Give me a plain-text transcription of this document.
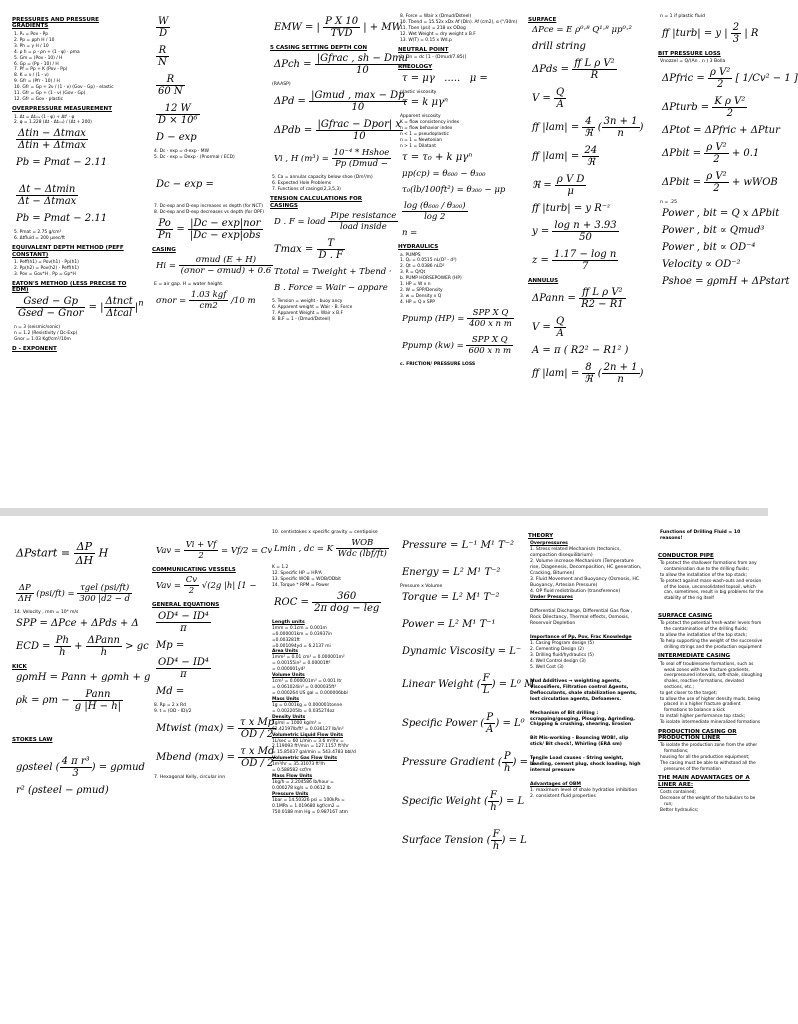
PRESSURES AND PRESSURE GRADIENTS
1. Pₐ = Pov - Pp
2. Pp = ρph H / 10
3. Ph = γ H / 10
4. ρ h = ρ - ρn + (1 - φ) · ρma
5. Gm = (Pov - 10) / H
6. Gp = (Pp - 10) / H
7. Pf = Pp + K (Pov - Pp)
8. K = ν / (1 - ν)
9. Gfr = (Pfr - 10) / H
10. Gfr = Gp + 2ν / (1 - ν) (Gov - Gp) - elastic
11. Gfr = Gp + (1 - ν) (Gov - Gp)
12. Gfr = Gov - plastic
OVERPRESSURE MEASUREMENT
1. Δt = Δtₘₐ (1 - φ) + Δtᶠ · φ
2. φ = 1.228 (Δt - Δtₘₐ) / (Δt + 200)
$\frac{\text{Δtin − Δtmax}}{\text{Δtin + Δtmax}}$
Pb = Pmat − 2.11
$\frac{\Delta t - \Delta tmin}{\Delta t - \Delta tmax}$
Pb = Pmat − 2.11
5. Pmat = 2.75 g/cm³
6. Δtfluid = 200 μsec/ft
EQUIVALENT DEPTH METHOD (PEFF CONSTANT)
1. Peff(h1) = Pov(h1) - Pp(h1)
2. Pp(h2) = Pov(h2) - Peff(h1)
3. Pov = Gov*H , Pp = Gp*H
EATON'S METHOD (LESS PRECISE TO EDM)
$\frac{\text{Gsed − Gp}}{\text{Gsed − Gnor}}$ = | $\frac{\text{Δtnct}}{\text{Δtcal}} |^n$
n = 3 (seismic/sonic)
n = 1.2 (Resistivity / Dc-Exp)
Gnor = 1.03 Kgf/cm²/10m
D - EXPONENT
$\frac{W}{D}$
$\frac{R}{N}$
$\frac{R}{60 N}$
$\frac{12 W}{\text{D × 10⁶}}$
D − exp
4. Dc - exp = d-exp · MW
5. Dc - exp = Dexp · (Pnormal / ECD)
Dc − exp =
7. Dc-exp and D-exp increases vs depth (for NCT)
8. Dc-exp and D-exp decreases vs depth (for OPF)
$\frac{Po}{Pn} = \frac{\text{|Dc − exp|nor}}{\text{|Dc − exp|obs}}$
CASING
$Hi = \frac{\text{σmud (E + H)}}{\text{(σnor − σmud) + 0.6}}$
E = air gap. H = water height.
$\sigma nor = \frac{\text{1.03 kgf}}{cm2} /10$ m
EMW = | $\frac{\text{P X 10}}{\text{TVD}}$ | + MW
5 CASING SETTING DEPTH CON
$\Delta Pch = \frac{\text{|Gfrac , sh − Dmu}}{10}$
(RAASP)
$\Delta Pd = \frac{\text{|Gmud , max − Dp}}{10}$
$\Delta Pdb = \frac{\text{|Gfrac − Dpor| x}}{10}$
Vi , H $(m^3) = \frac{\text{10⁻⁴ * Hshoe}}{\text{Pp (Dmud −}}$
5. Ca = annular capacity below shoe (Dm³/m)
6. Expected Hole Problems
7. Functions of casings(2,3,5,3)
TENSION CALCULATIONS FOR CASINGS
D . F = load $\frac{\text{Pipe resistance}}{\text{load inside}}$
$Tmax = \frac{T}{D . F}$
Ttotal = Tweight + Tbend ·
B . Force = Wair − appare
5. Tension = weight - buoy ancy
6. Apparent weight = Wair - B. Force
7. Apparent Weight = Wair x B.F
8. B.F = 1 - (Dmud/Dsteel)
8. Force = Wair x (Dmud/Dsteel)
10. Tbend = 15.52x xDx Af (Dln). Af (cm2), α (°/30m)
11. Tben (psi) = 218 xx ODαg
12. Wet Weight = dry weight x B.F
13. W(T) = 0.15 x Wd.p
NEUTRAL POINT
1. Dn = dc [1 - (Dmud/7.85)]
RHEOLOGY
τ = μγ   .....   μ =
plastic viscosity
τ = k μγⁿ
Apparent viscosity
K = flow consistency index
n = flow behavior index
n < 1 = pseudoplastic
n = 1 = Newtonian
n > 1 = Dilatant
τ = τ₀ + k μγⁿ
μp(cp) = θ₆₀₀ − θ₃₀₀
τ₀(lb/100ft²) = θ₃₀₀ − μp
$\frac{\text{log (θ₆₀₀ / θ₃₀₀)}}{\log 2}$
n =
HYDRAULICS
a. PUMPS
1. Qₛ = 0.0515 nL(D² - d²)
2. Qt = 0.0386 nLD²
3. R = Q/Qt
b. PUMP HORSEPOWER (HP)
1. HP = W x n
2. W = SPP/Density
3. w = Density x Q
4. HP = Q x SPP
Ppump $(HP) = \frac{\text{SPP X Q}}{\text{400 x n m}}$
Ppump $(kw) = \frac{\text{SPP X Q}}{\text{600 x n m}}$
c. FRICTION/ PRESSURE LOSS
SURFACE
ΔPce = E ρ⁰·⁸ Q¹·⁸ μp⁰·²
drill string
$\Delta Pds = \frac{\text{ff L ρ V²}}{R}$
$V = \frac{Q}{A}$
ff $|lam| = \frac{4}{\text{ℜ}}$ ( $\frac{3n + 1}{n}$ )
ff $|lam| = \frac{24}{\text{ℜ}}$
ℜ = $\frac{\text{ρ V D}}{\mu}$
ff |turb| = y R⁻ᶻ
$y = \frac{\text{log n + 3.93}}{50}$
$z = \frac{\text{1.17 − log n}}{7}$
ANNULUS
ΔPann = $\frac{\text{ff L ρ V²}}{R2 - R1}$
$V = \frac{Q}{A}$
A = π ( R2² − R1² )
ff $|lam| = \frac{8}{\text{ℜ}}$ ( $\frac{2n + 1}{n}$ )
n = 1 if plastic fluid
ff |turb| = y | $\frac{2}{3}$ | R
BIT PRESSURE LOSS
Vnozzel = Q/(An . n ) 3 Bolla
ΔPfric = $\frac{\text{ρ V²}}{2}$ [ 1/Cv² − 1 ]
ΔPturb = $\frac{\text{K ρ V²}}{2}$
ΔPtot = ΔPfric + ΔPtur
ΔPbit = $\frac{\text{ρ V²}}{2} + 0.1$
ΔPbit = $\frac{\text{ρ V²}}{2}$ + wWOB
n = .25
Power , bit = Q x ΔPbit
Power , bit ∝ Qmud³
Power , bit ∝ OD⁻⁴
Velocity ∝ OD⁻²
Pshoe = gρmH + ΔPstart
ΔPstart = $\frac{\Delta P}{\Delta H}$ H
$\frac{\Delta P}{\Delta H} (psi/ft) = \frac{\text{τgel (psi/ft)}}{300 |d2 - d}$
14. Velocity , mm = 10⁴ m/s
SPP = ΔPce + ΔPds + Δ
ECD = $\frac{Ph}{h} + \frac{\text{ΔPann}}{h}$ > gc
KICK
gρmH = Pann + gρmh + g
$\rho k = \rho m - \frac{\text{Pann}}{g |H - h|}$
STOKES LAW
gρsteel ( $\frac{\text{4 π r³}}{3}$ ) = gρmud
r² (ρsteel − ρmud)
Vav = $\frac{Vi + Vf}{2} = Vf/2 = Cv$
COMMUNICATING VESSELS
Vav = $\frac{Cv}{2} √(2g$ |h| [1 −
GENERAL EQUATIONS
$\frac{\text{OD⁴ − ID⁴}}{\pi}$
Mp =
$\frac{\text{OD⁴ − ID⁴}}{\pi}$
Md =
8. Rp = 2 x Rd
9. t = (OD - ID)/2
Mtwist $(\max) = \frac{\text{τ x Mp}}{OD / 2}$
Mbend $(\max) = \frac{\text{τ x Md}}{OD / 2}$
7. Hexagonal Kelly, circular inn
10. centistokes x specific gravity = centipoise
Lmin , dc = K $\frac{\text{WOB}}{\text{Wdc (lbf/ft)}}$
K = 1.2
12. Specific HP = HP/A
13. Specific WOB = WOB/ODbit
14. Torque * RPM = Power
ROC = $\frac{360}{\text{2π dog − leg}}$
Length units
1mm = 0.1cm = 0.001m
=0.000001km = 0.03937in
=0.003281ft
=0.001094yd = 6.2137 mi
Area Units
1mm² = 0.01 cm² = 0.000001m²
= 0.00155in² = 0.00001ft²
= 0.000001yd²
Volume Units
1cm³ = 0.000001m³ = 0.001 ltr
= 0.061024in³ = 0.000035ft³
= 0.000264 US gal = 0.000006bbl
Mass Units
1g = 0.001kg = 0.000001tonne
= 0.002205lb = 0.035274oz
Density Units
1g/ml = 1000 kg/m³ =
62.42197lb/ft³ = 0.036127 lb/in³
Volumetric Liquid Flow Units
1L/sec = 60 L/min = 3.6 m³/hr =
2.119093 ft³/min = 127.1157 ft³/hr
= 15.85037 gal/min = 543.4783 bbl/d
Volumetric Gas Flow Units
1m³/hr = 35.31073 ft³/h
= 0.588582 scf/m
Mass Flow Units
1kg/h = 2.204586 lb/hour =
0.000278 kg/s = 0.0612 lb
Pressure Units
1bar = 14.50326 psi = 100kPa =
0.1MPa = 1.019680 kgf/cm2 =
750.0188 mm Hg = 0.987167 atm
Pressure = L⁻¹ M¹ T⁻²
Energy = L² M¹ T⁻²
Pressure x Volume
Torque = L² M¹ T⁻²
Power = L² M¹ T⁻¹
Dynamic Viscosity = L⁻
Linear Weight ( $\frac{F}{L}$ ) = L⁰ M
Specific Power ( $\frac{P}{A}$ ) = L⁰
Pressure Gradient ( $\frac{P}{h}$ ) = L⁻
Specific Weight ( $\frac{F}{h}$ ) = L
Surface Tension ( $\frac{F}{h}$ ) = L
THEORY
Overpressures
1. Stress related Mechanism (tectonics, compaction disequilibrium)
2. Volume increase Mechanism (Temperature rise, Diagenesis, Decomposition, HC generation, Cracking, Bitumen)
3. Fluid Movement and Buoyancy (Osmosis, HC Buoyancy, Artesian Pressure)
4. OP fluid redistribution (transference)
Under Pressures
Differential Discharge, Differential Gas flow , Rock Dilectancy, Thermal effects, Osmosis, Reservoir Depletion
Importance of Pp, Pov, Frac Knowledge
1. Casing Program design (5)
2. Cementing Design (2)
3. Drilling fluid/hydraulics (5)
4. Well Control design (3)
5. Well Cost (3)
Mud Additives → weighting agents, Viscosifiers, Filtration control Agents, Deflocculants, shale stabilization agents, lost circulation agents, Defoamers.
Mechanism of Bit drilling : scrapping/gouging, Plouging, Agrinding, Chipping & crushing, shearing, Erosion
Bit Mis-working - Bouncing WOB!, slip stick/ Bit chock!, Whirling (ERA sm)
Tensile Load causes - String weight, bending, cement plug, shock loading, high internal pressure
Advantages of OBM
1. maximum level of shale hydration inhibition
2. consistent fluid properties
Functions of Drilling Fluid = 10 reasons!
CONDUCTOR PIPE
To protect the shallower formations from any contamination due to the drilling fluids;
to allow the installation of the top stack;
To protect against mass-wash-outs and erosion of the loose, unconsolidated topsoil, which can, sometimes, result in big problems for the stability of the rig itself
SURFACE CASING
To protect the potential fresh-water levels from the contamination of the drilling fluids;
to allow the installation of the top stack;
To help supporting the weight of the successive drilling strings and the production equipment
INTERMEDIATE CASING
To seal off troublesome formations, such as weak zones with low fracture gradients, overpressured intervals, soft-shale, sloughing shales, reactive formations, deviated sections, etc.;
to get closer to the target;
to allow the use of higher density muds, being placed in a higher fracture gradient formations to balance a kick
to install higher performance top stack;
To isolate intermediate mineralized formations
PRODUCTION CASING OR PRODUCTION LINER
To isolate the production zone from the other formations;
housing for all the production equipment;
The casing must be able to withstand all the pressures of the formation
THE MAIN ADVANTAGES OF A LINER ARE:
Costs contained;
Decrease of the weight of the tubulars to be run;
Better hydraulics;
